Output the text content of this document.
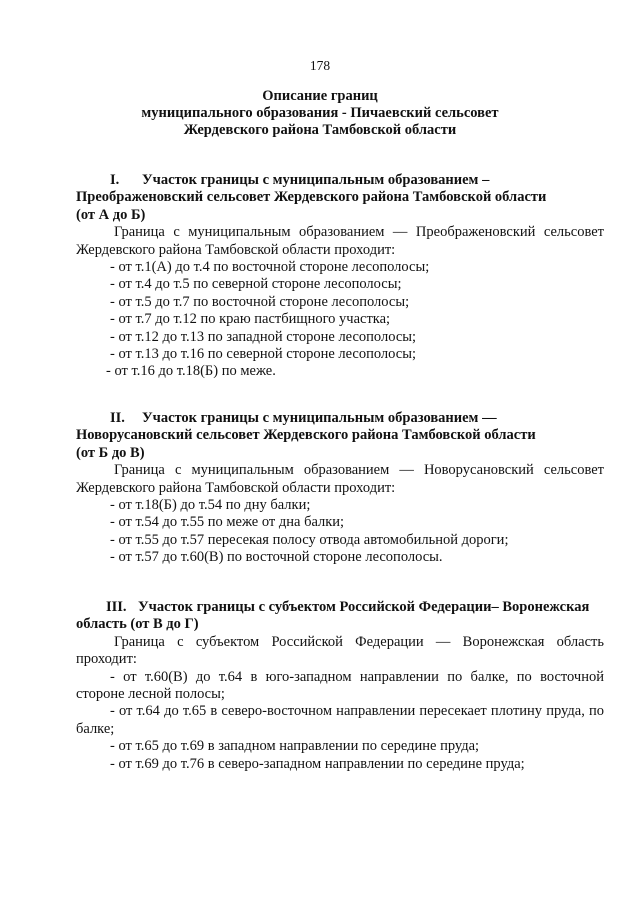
178
Описание границ
муниципального образования - Пичаевский сельсовет
Жердевского района Тамбовской области
I. Участок границы с муниципальным образованием –
Преображеновский сельсовет Жердевского района Тамбовской области
(от А до Б)
Граница с муниципальным образованием — Преображеновский сельсовет Жердевского района Тамбовской области проходит:
- от т.1(А) до т.4 по восточной стороне лесополосы;
- от т.4 до т.5 по северной стороне лесополосы;
- от т.5 до т.7 по восточной стороне лесополосы;
- от т.7 до т.12 по краю пастбищного участка;
- от т.12 до т.13 по западной стороне лесополосы;
- от т.13 до т.16 по северной стороне лесополосы;
- от т.16 до т.18(Б) по меже.
II. Участок границы с муниципальным образованием —
Новорусановский сельсовет Жердевского района Тамбовской области
(от Б до В)
Граница с муниципальным образованием — Новорусановский сельсовет Жердевского района Тамбовской области проходит:
- от т.18(Б) до т.54 по дну балки;
- от т.54 до т.55 по меже от дна балки;
- от т.55 до т.57 пересекая полосу отвода автомобильной дороги;
- от т.57 до т.60(В) по восточной стороне лесополосы.
III. Участок границы с субъектом Российской Федерации– Воронежская
область (от В до Г)
Граница с субъектом Российской Федерации — Воронежская область проходит:
- от т.60(В) до т.64 в юго-западном направлении по балке, по восточной стороне лесной полосы;
- от т.64 до т.65 в северо-восточном направлении пересекает плотину пруда, по балке;
- от т.65 до т.69 в западном направлении по середине пруда;
- от т.69 до т.76 в северо-западном направлении по середине пруда;
